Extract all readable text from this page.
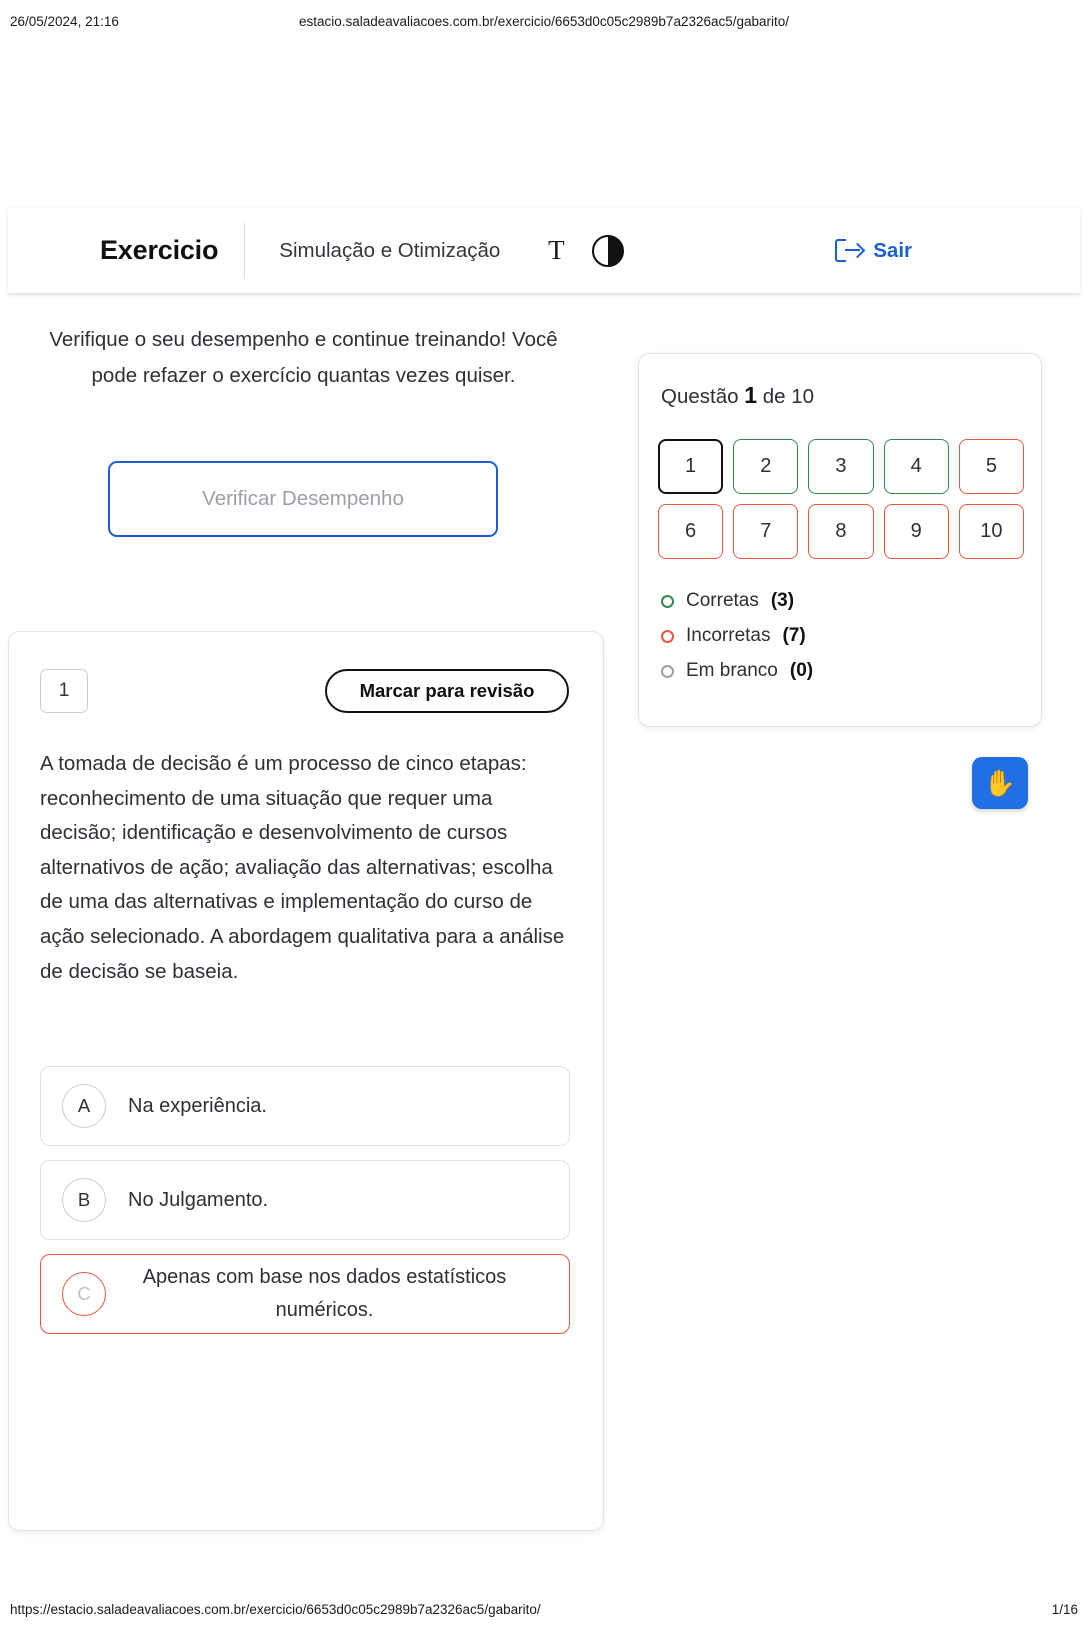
26/05/2024, 21:16	estacio.saladeavaliacoes.com.br/exercicio/6653d0c05c2989b7a2326ac5/gabarito/
Exercicio	Simulação e Otimização	T	Sair
Verifique o seu desempenho e continue treinando! Você pode refazer o exercício quantas vezes quiser.
Verificar Desempenho
1	Marcar para revisão
A tomada de decisão é um processo de cinco etapas: reconhecimento de uma situação que requer uma decisão; identificação e desenvolvimento de cursos alternativos de ação; avaliação das alternativas; escolha de uma das alternativas e implementação do curso de ação selecionado. A abordagem qualitativa para a análise de decisão se baseia.
A	Na experiência.
B	No Julgamento.
C
Apenas com base nos dados estatísticos numéricos.
Questão 1 de 10
1	2	3	4	5
6	7	8	9	10
Corretas (3)
Incorretas (7)
Em branco (0)
✋
https://estacio.saladeavaliacoes.com.br/exercicio/6653d0c05c2989b7a2326ac5/gabarito/	1/16
